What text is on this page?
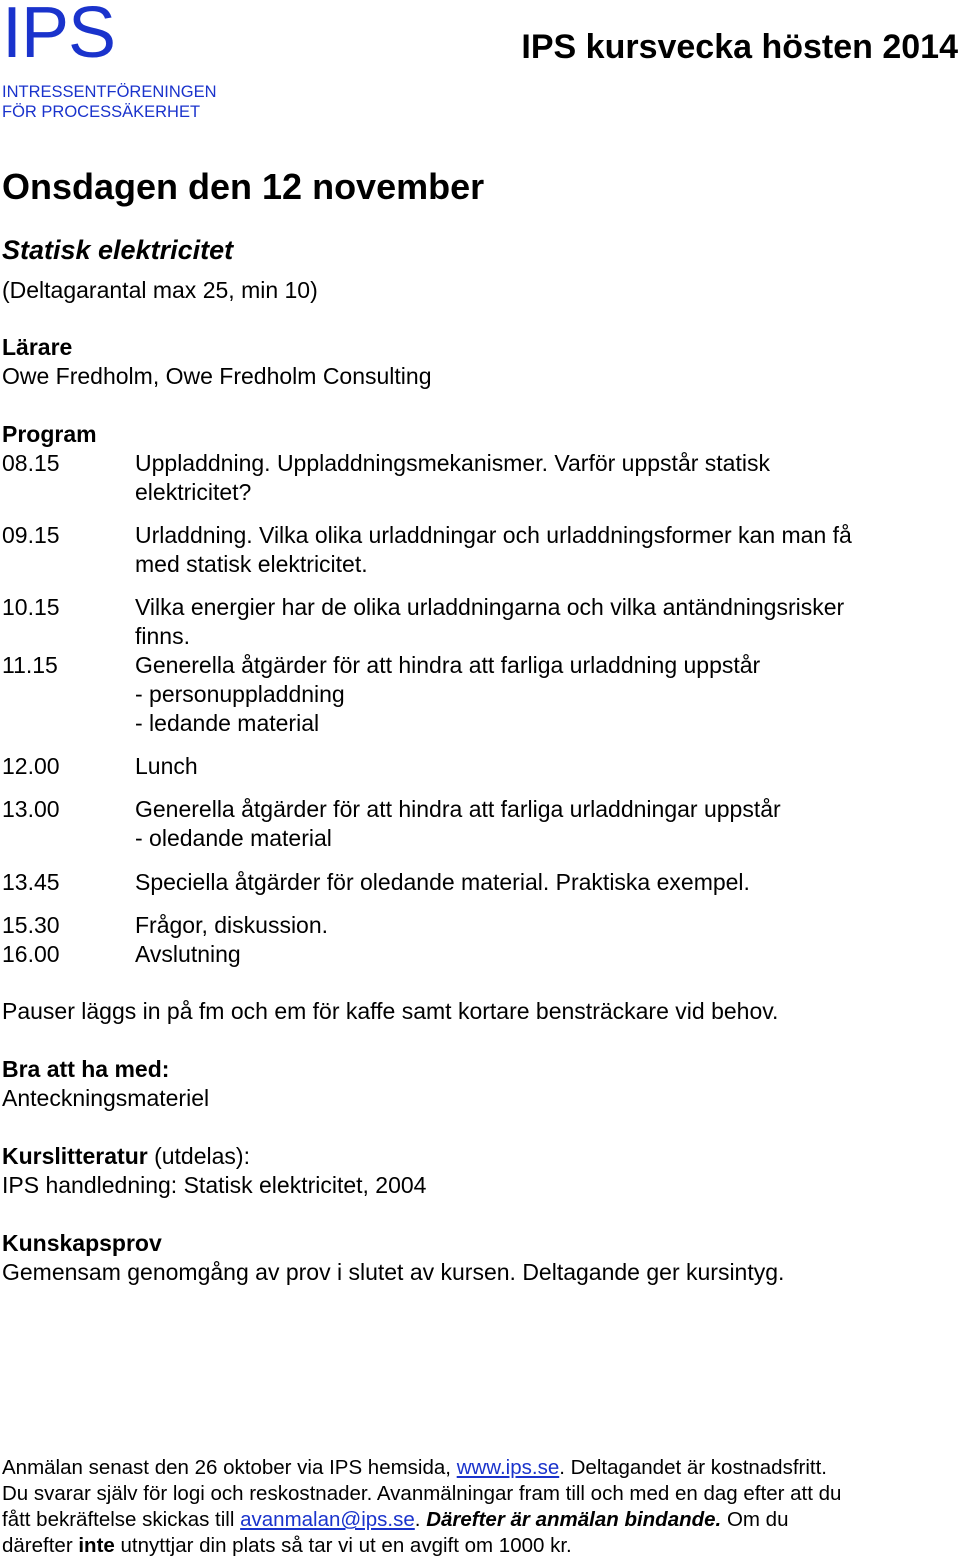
IPS
INTRESSENTFÖRENINGEN
FÖR PROCESSÄKERHET
IPS kursvecka hösten 2014
Onsdagen den 12 november
Statisk elektricitet
(Deltagarantal max 25, min 10)
Lärare
Owe Fredholm, Owe Fredholm Consulting
Program
08.15	Uppladdning. Uppladdningsmekanismer. Varför uppstår statisk
elektricitet?
09.15	Urladdning. Vilka olika urladdningar och urladdningsformer kan man få
med statisk elektricitet.
10.15	Vilka energier har de olika urladdningarna och vilka antändningsrisker
finns.
11.15	Generella åtgärder för att hindra att farliga urladdning uppstår
- personuppladdning
- ledande material
12.00	Lunch
13.00	Generella åtgärder för att hindra att farliga urladdningar uppstår
- oledande material
13.45	Speciella åtgärder för oledande material. Praktiska exempel.
15.30	Frågor, diskussion.
16.00	Avslutning
Pauser läggs in på fm och em för kaffe samt kortare bensträckare vid behov.
Bra att ha med:
Anteckningsmateriel
Kurslitteratur (utdelas):
IPS handledning: Statisk elektricitet, 2004
Kunskapsprov
Gemensam genomgång av prov i slutet av kursen. Deltagande ger kursintyg.
Anmälan senast den 26 oktober via IPS hemsida, www.ips.se. Deltagandet är kostnadsfritt.
Du svarar själv för logi och reskostnader. Avanmälningar fram till och med en dag efter att du
fått bekräftelse skickas till avanmalan@ips.se. Därefter är anmälan bindande. Om du
därefter inte utnyttjar din plats så tar vi ut en avgift om 1000 kr.
